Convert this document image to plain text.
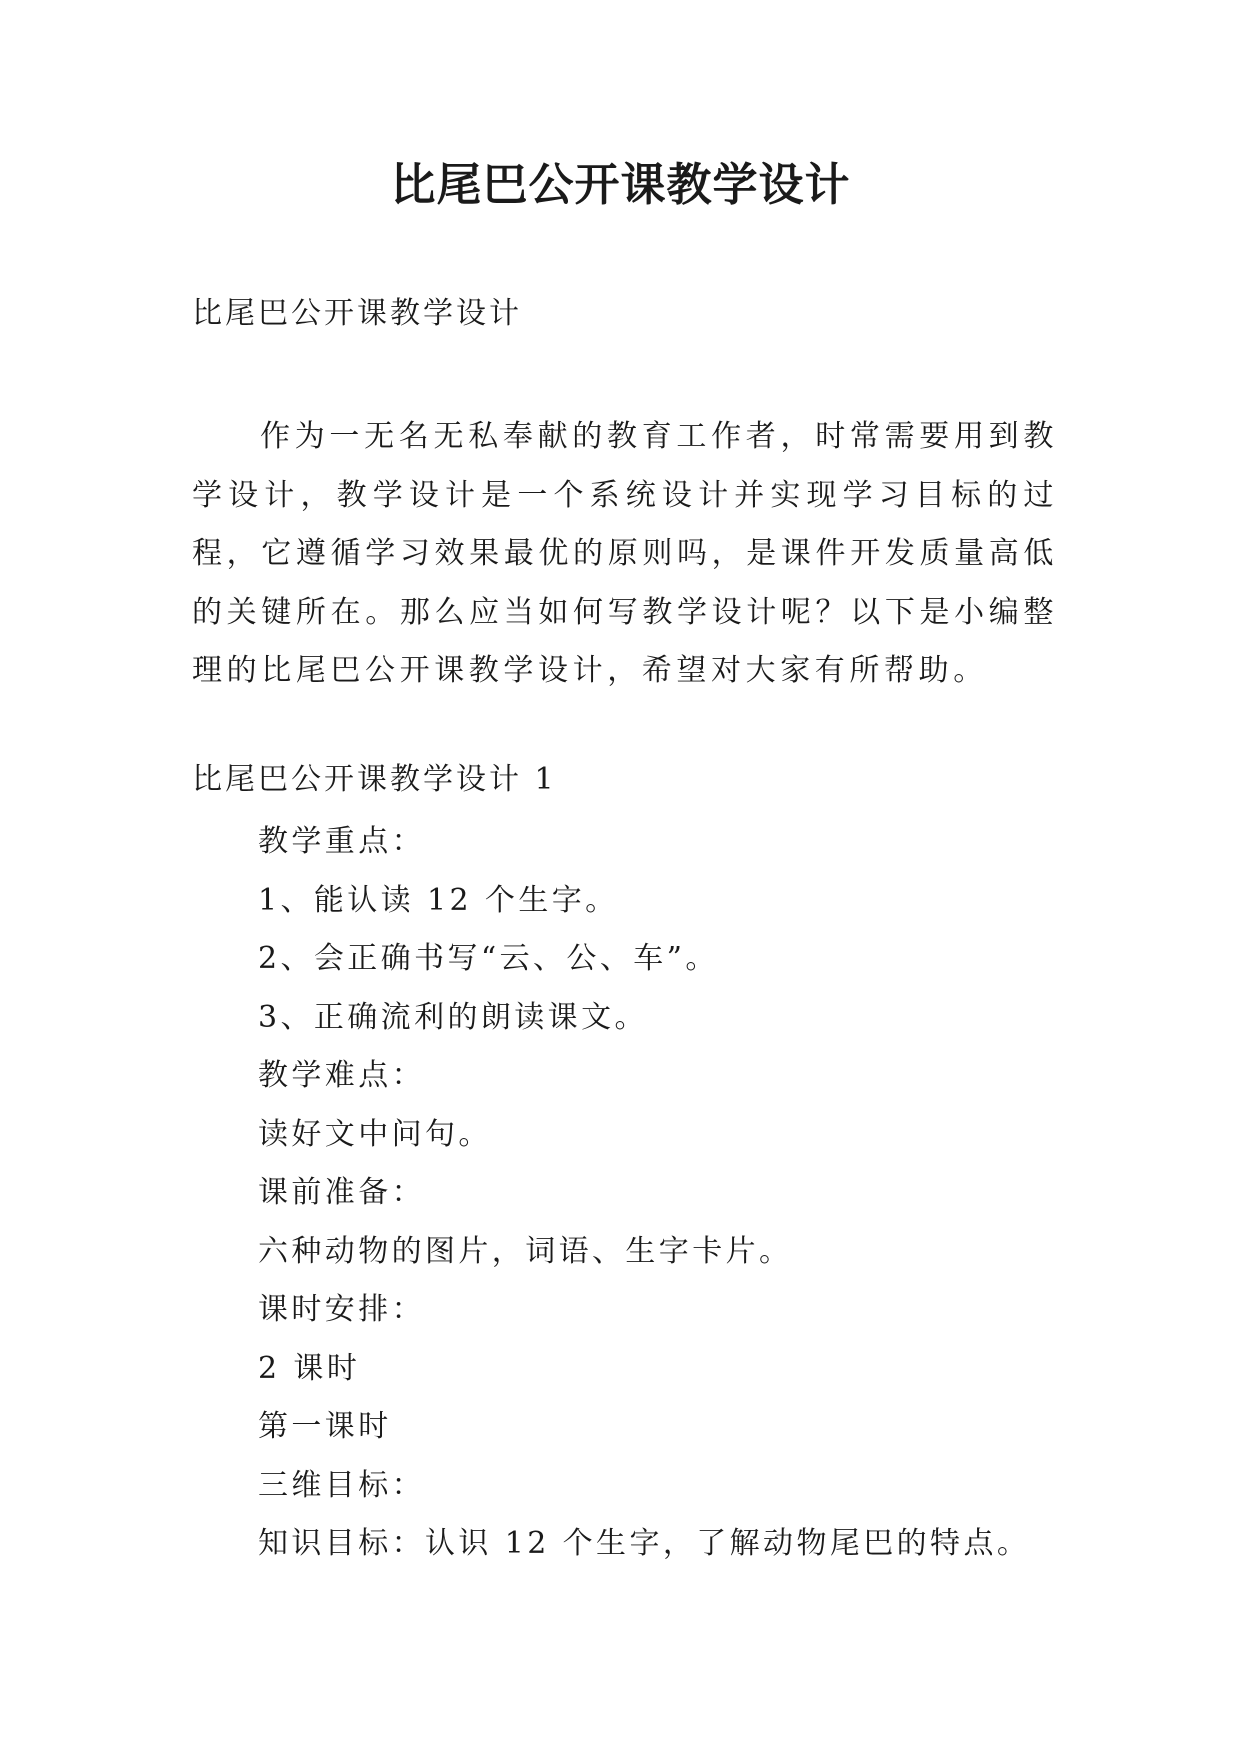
比尾巴公开课教学设计
比尾巴公开课教学设计

作为一无名无私奉献的教育工作者，时常需要用到教学设计，教学设计是一个系统设计并实现学习目标的过程，它遵循学习效果最优的原则吗，是课件开发质量高低的关键所在。那么应当如何写教学设计呢？以下是小编整理的比尾巴公开课教学设计，希望对大家有所帮助。

比尾巴公开课教学设计 1
教学重点：
1、能认读 12 个生字。
2、会正确书写“云、公、车”。
3、正确流利的朗读课文。
教学难点：
读好文中问句。
课前准备：
六种动物的图片，词语、生字卡片。
课时安排：
2 课时
第一课时
三维目标：
知识目标：认识 12 个生字，了解动物尾巴的特点。
